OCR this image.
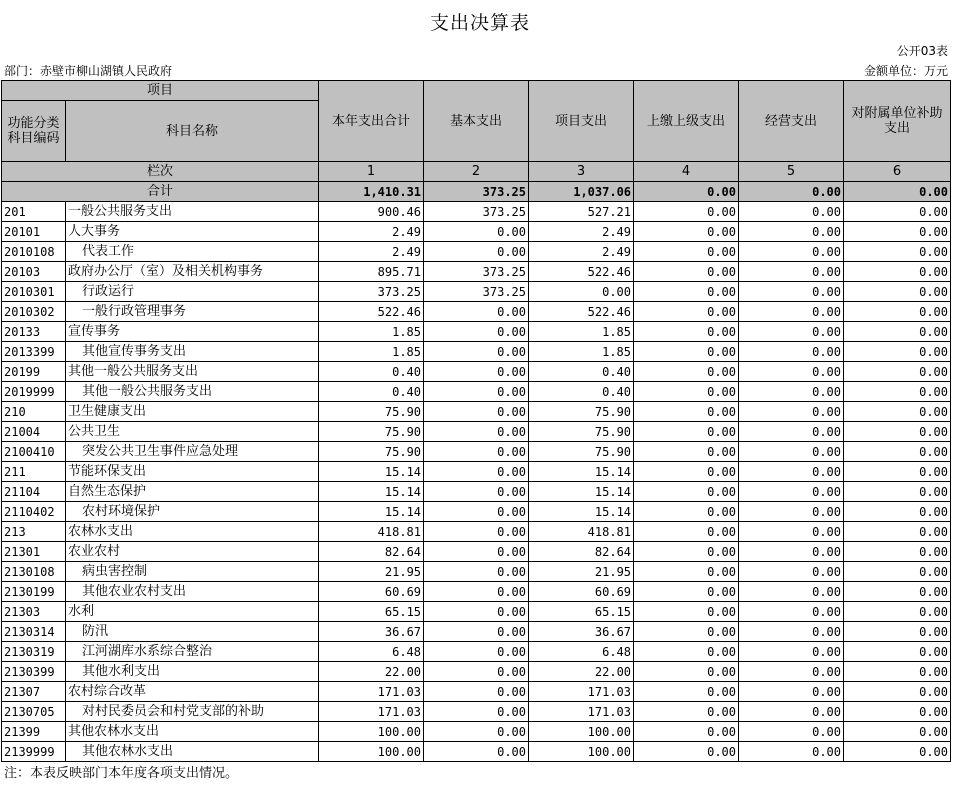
支出决算表
公开03表
部门：赤壁市柳山湖镇人民政府	金额单位：万元
项目		本年支出合计	基本支出	项目支出	上缴上级支出	经营支出	对附属单位补助支出
功能分类科目编码	科目名称						
栏次		1	2	3	4	5	6
合计		1,410.31	373.25	1,037.06	0.00	0.00	0.00
201	一般公共服务支出	900.46	373.25	527.21	0.00	0.00	0.00
20101	人大事务	2.49	0.00	2.49	0.00	0.00	0.00
2010108	代表工作	2.49	0.00	2.49	0.00	0.00	0.00
20103	政府办公厅（室）及相关机构事务	895.71	373.25	522.46	0.00	0.00	0.00
2010301	行政运行	373.25	373.25	0.00	0.00	0.00	0.00
2010302	一般行政管理事务	522.46	0.00	522.46	0.00	0.00	0.00
20133	宣传事务	1.85	0.00	1.85	0.00	0.00	0.00
2013399	其他宣传事务支出	1.85	0.00	1.85	0.00	0.00	0.00
20199	其他一般公共服务支出	0.40	0.00	0.40	0.00	0.00	0.00
2019999	其他一般公共服务支出	0.40	0.00	0.40	0.00	0.00	0.00
210	卫生健康支出	75.90	0.00	75.90	0.00	0.00	0.00
21004	公共卫生	75.90	0.00	75.90	0.00	0.00	0.00
2100410	突发公共卫生事件应急处理	75.90	0.00	75.90	0.00	0.00	0.00
211	节能环保支出	15.14	0.00	15.14	0.00	0.00	0.00
21104	自然生态保护	15.14	0.00	15.14	0.00	0.00	0.00
2110402	农村环境保护	15.14	0.00	15.14	0.00	0.00	0.00
213	农林水支出	418.81	0.00	418.81	0.00	0.00	0.00
21301	农业农村	82.64	0.00	82.64	0.00	0.00	0.00
2130108	病虫害控制	21.95	0.00	21.95	0.00	0.00	0.00
2130199	其他农业农村支出	60.69	0.00	60.69	0.00	0.00	0.00
21303	水利	65.15	0.00	65.15	0.00	0.00	0.00
2130314	防汛	36.67	0.00	36.67	0.00	0.00	0.00
2130319	江河湖库水系综合整治	6.48	0.00	6.48	0.00	0.00	0.00
2130399	其他水利支出	22.00	0.00	22.00	0.00	0.00	0.00
21307	农村综合改革	171.03	0.00	171.03	0.00	0.00	0.00
2130705	对村民委员会和村党支部的补助	171.03	0.00	171.03	0.00	0.00	0.00
21399	其他农林水支出	100.00	0.00	100.00	0.00	0.00	0.00
2139999	其他农林水支出	100.00	0.00	100.00	0.00	0.00	0.00
注：本表反映部门本年度各项支出情况。
